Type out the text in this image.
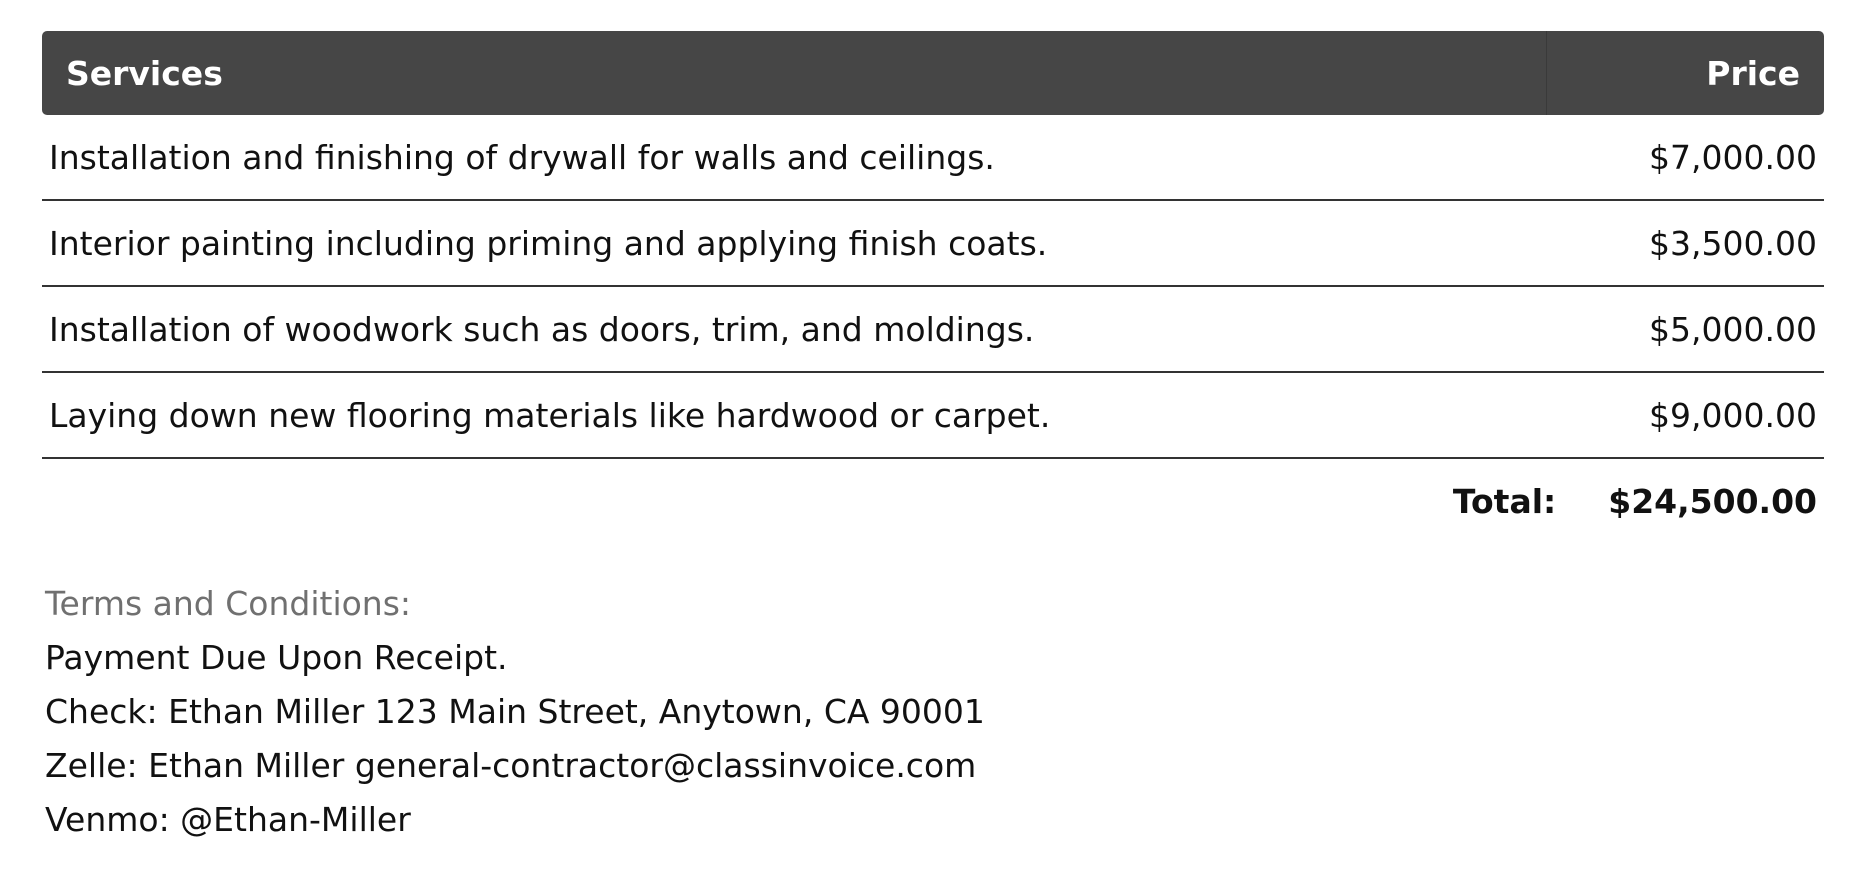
Services	Price
Installation and finishing of drywall for walls and ceilings.	$7,000.00
Interior painting including priming and applying finish coats.	$3,500.00
Installation of woodwork such as doors, trim, and moldings.	$5,000.00
Laying down new flooring materials like hardwood or carpet.	$9,000.00
Total: $24,500.00
Terms and Conditions:
Payment Due Upon Receipt.
Check: Ethan Miller 123 Main Street, Anytown, CA 90001
Zelle: Ethan Miller general-contractor@classinvoice.com
Venmo: @Ethan-Miller
